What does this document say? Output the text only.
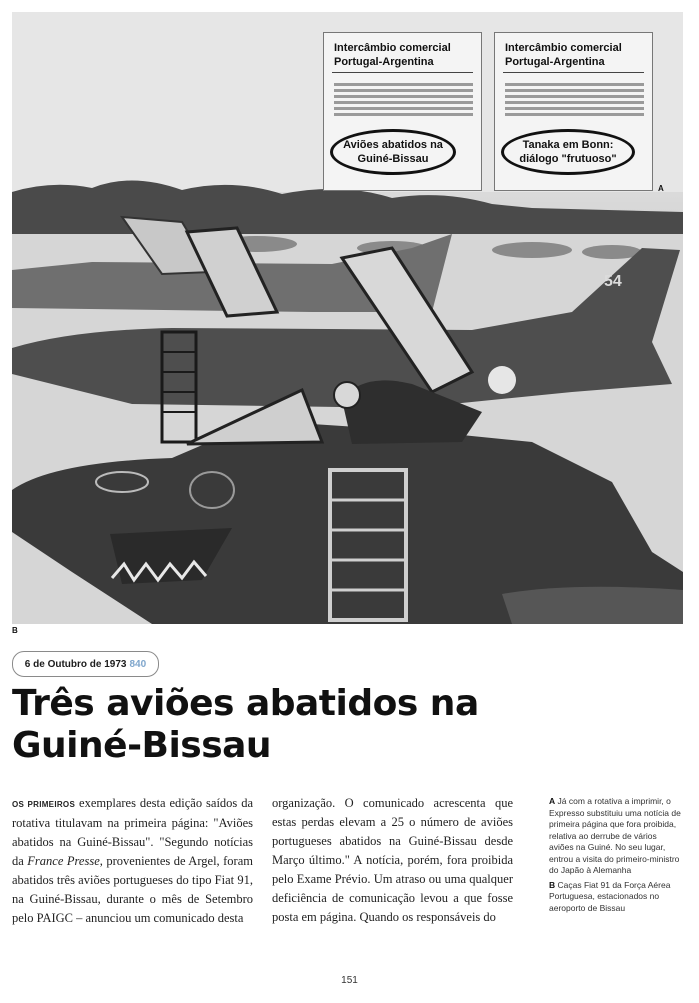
54
Intercâmbio comercial Portugal-Argentina
Aviões abatidos na Guiné-Bissau
Intercâmbio comercial Portugal-Argentina
Tanaka em Bonn: diálogo "frutuoso"
A
B
6 de Outubro de 1973 840
Três aviões abatidos na Guiné-Bissau
OS PRIMEIROS exemplares desta edição saídos da rotativa titulavam na primeira página: "Aviões abatidos na Guiné-Bissau". "Segundo notícias da France Presse, provenientes de Argel, foram abatidos três aviões portugueses do tipo Fiat 91, na Guiné-Bissau, durante o mês de Setembro pelo PAIGC – anunciou um comunicado desta
organização. O comunicado acrescenta que estas perdas elevam a 25 o número de aviões portugueses abatidos na Guiné-Bissau desde Março último." A notícia, porém, fora proibida pelo Exame Prévio. Um atraso ou uma qualquer deficiência de comunicação levou a que fosse posta em página. Quando os responsáveis do

A Já com a rotativa a imprimir, o Expresso substituiu uma notícia de primeira página que fora proibida, relativa ao derrube de vários aviões na Guiné. No seu lugar, entrou a visita do primeiro-ministro do Japão à Alemanha

B Caças Fiat 91 da Força Aérea Portuguesa, estacionados no aeroporto de Bissau

151
